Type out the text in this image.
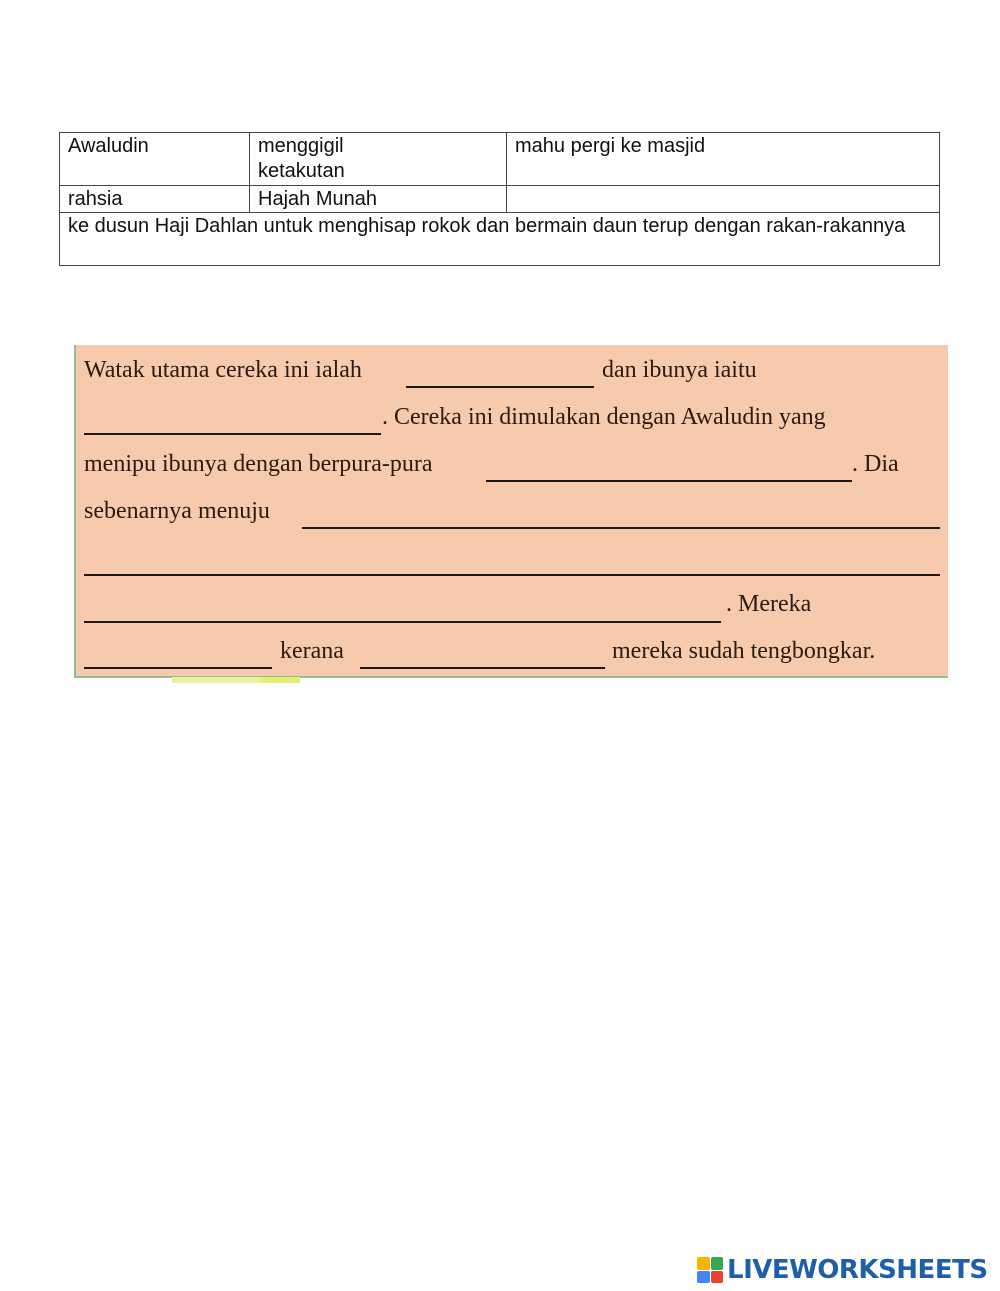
Awaludin	menggigil ketakutan	mahu pergi ke masjid

rahsia	Hajah Munah	

ke dusun Haji Dahlan untuk menghisap rokok dan bermain daun terup dengan rakan-rakannya		
Watak utama cereka ini ialah	dan ibunya iaitu
. Cereka ini dimulakan dengan Awaludin yang
menipu ibunya dengan berpura-pura	. Dia
sebenarnya menuju
. Mereka
kerana	mereka sudah tengbongkar.
LIVEWORKSHEETS
